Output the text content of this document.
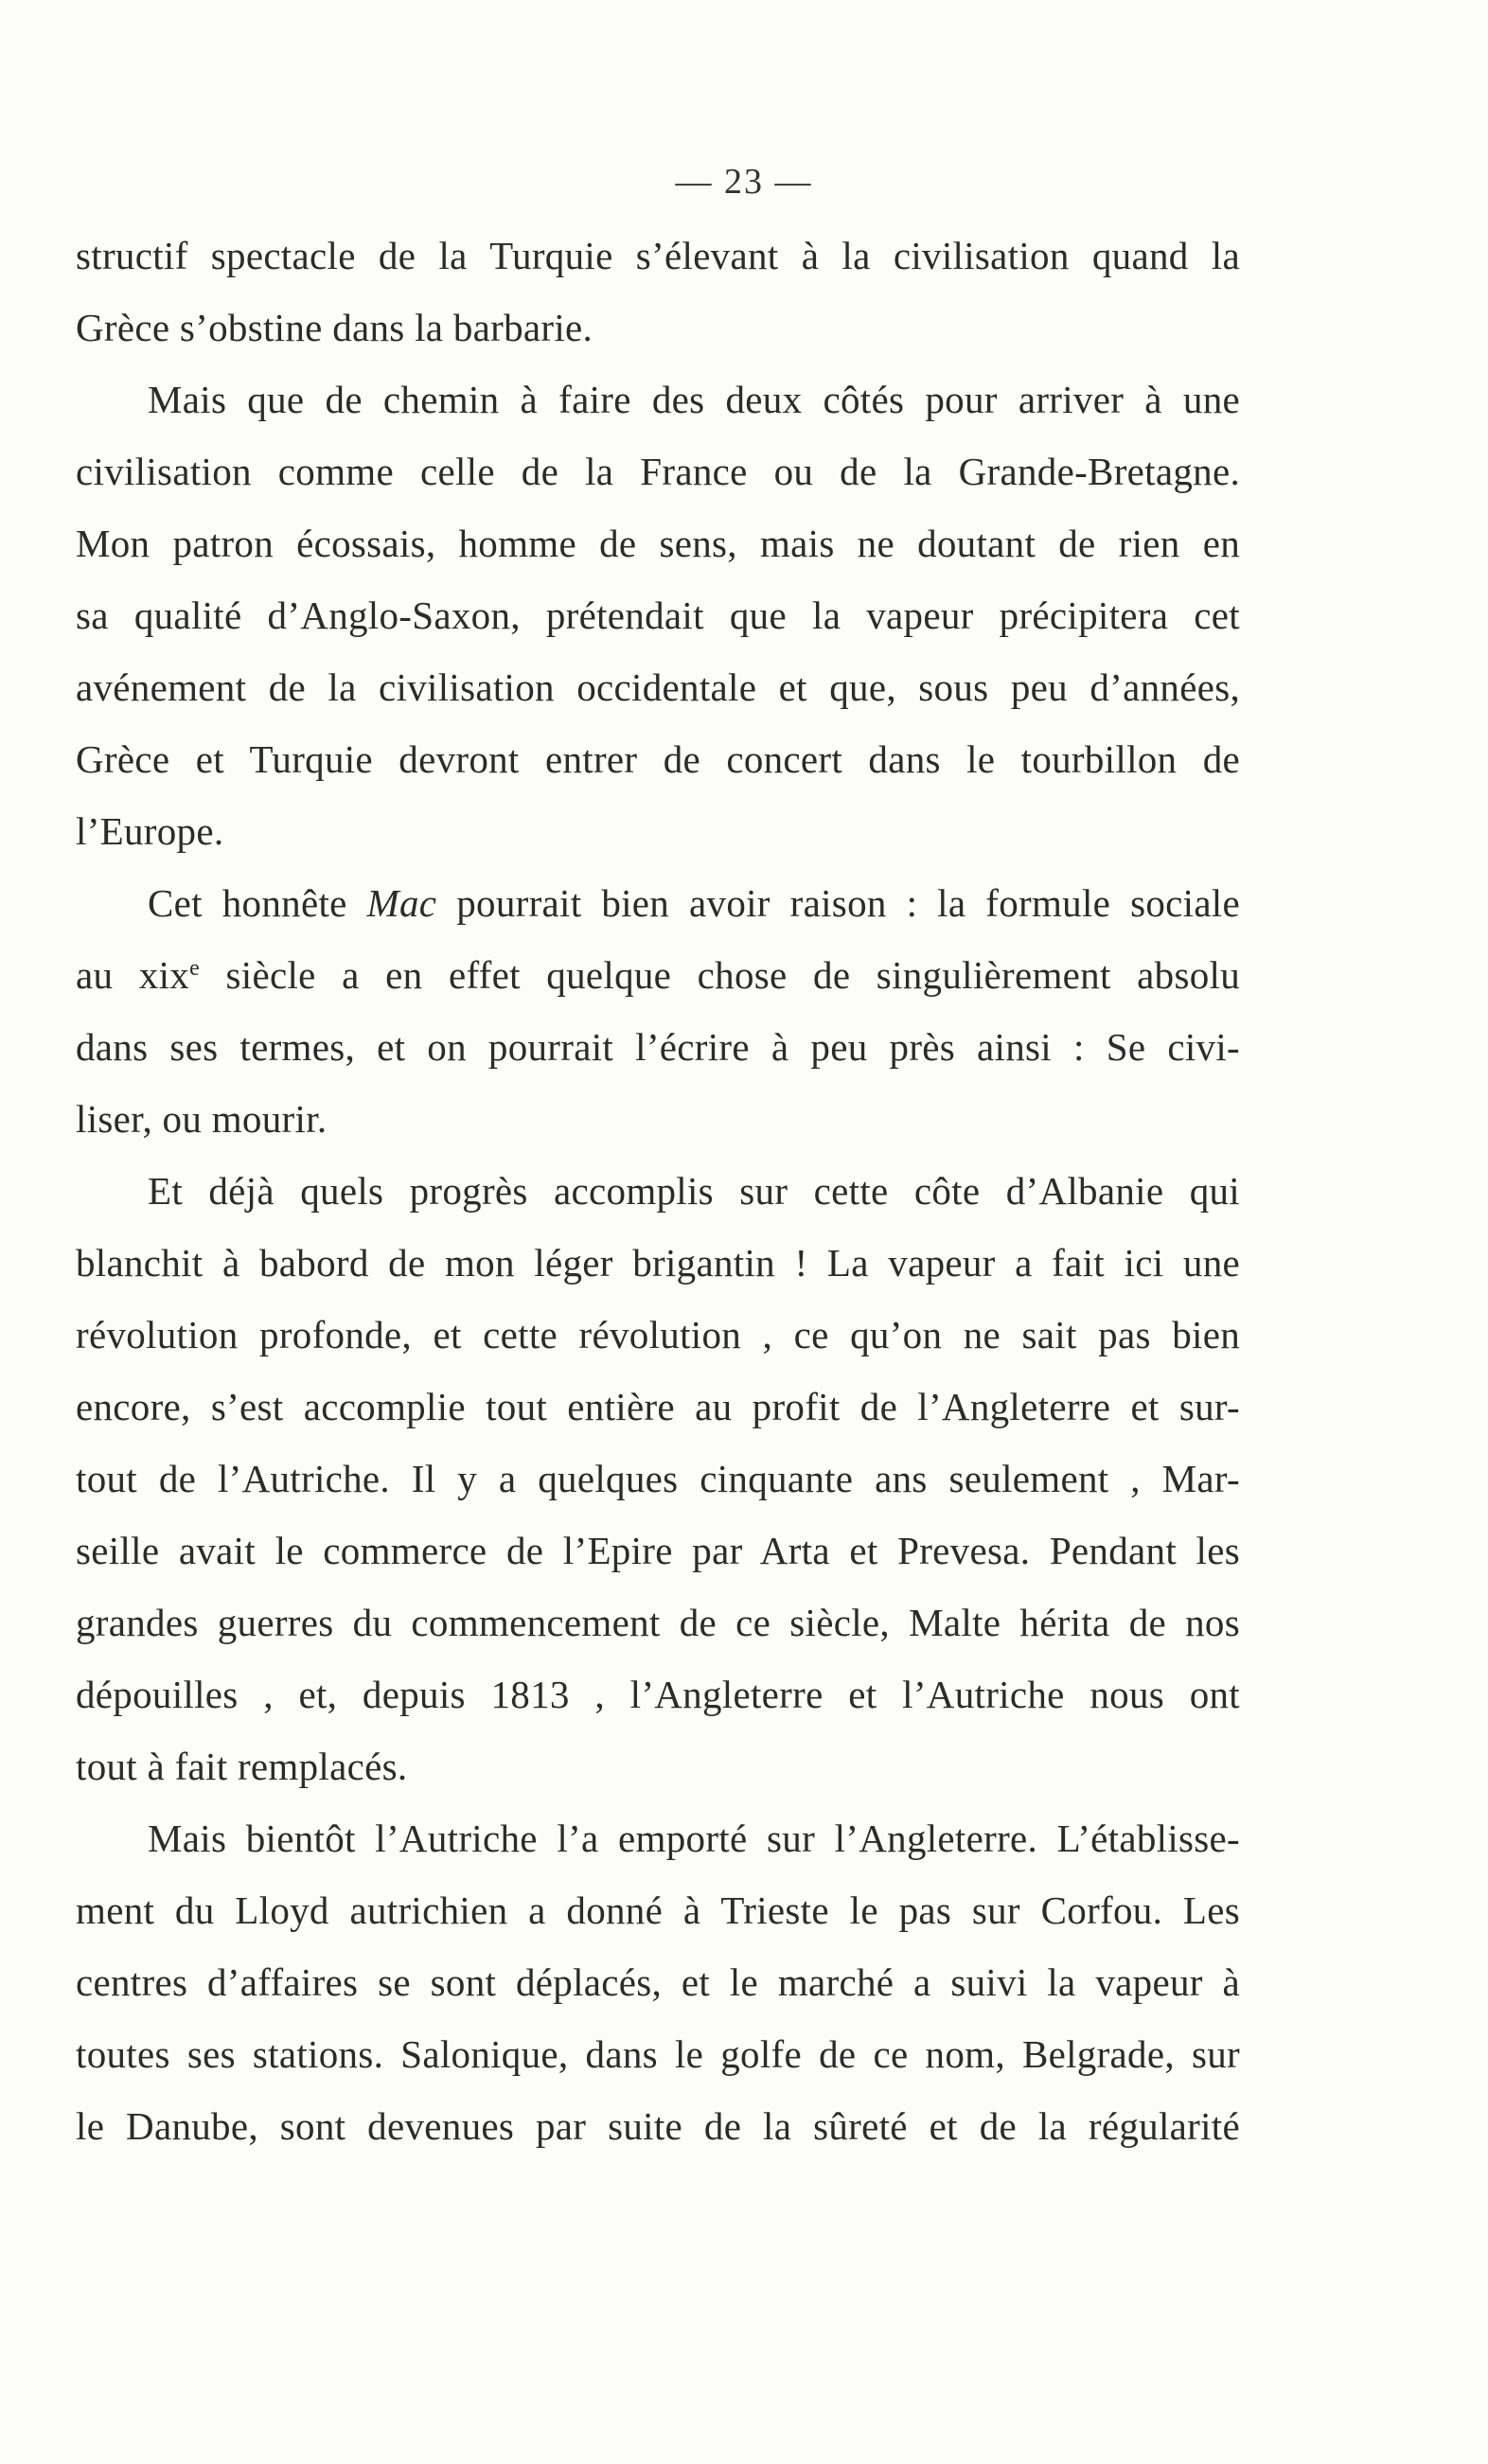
— 23 —
structif spectacle de la Turquie s’élevant à la civilisation quand la
Grèce s’obstine dans la barbarie.
Mais que de chemin à faire des deux côtés pour arriver à une
civilisation comme celle de la France ou de la Grande-Bretagne.
Mon patron écossais, homme de sens, mais ne doutant de rien en
sa qualité d’Anglo-Saxon, prétendait que la vapeur précipitera cet
avénement de la civilisation occidentale et que, sous peu d’années,
Grèce et Turquie devront entrer de concert dans le tourbillon de
l’Europe.
Cet honnête Mac pourrait bien avoir raison : la formule sociale
au xix$^e$ siècle a en effet quelque chose de singulièrement absolu
dans ses termes, et on pourrait l’écrire à peu près ainsi : Se civi-
liser, ou mourir.
Et déjà quels progrès accomplis sur cette côte d’Albanie qui
blanchit à babord de mon léger brigantin ! La vapeur a fait ici une
révolution profonde, et cette révolution , ce qu’on ne sait pas bien
encore, s’est accomplie tout entière au profit de l’Angleterre et sur-
tout de l’Autriche. Il y a quelques cinquante ans seulement , Mar-
seille avait le commerce de l’Epire par Arta et Prevesa. Pendant les
grandes guerres du commencement de ce siècle, Malte hérita de nos
dépouilles , et, depuis 1813 , l’Angleterre et l’Autriche nous ont
tout à fait remplacés.
Mais bientôt l’Autriche l’a emporté sur l’Angleterre. L’établisse-
ment du Lloyd autrichien a donné à Trieste le pas sur Corfou. Les
centres d’affaires se sont déplacés, et le marché a suivi la vapeur à
toutes ses stations. Salonique, dans le golfe de ce nom, Belgrade, sur
le Danube, sont devenues par suite de la sûreté et de la régularité
